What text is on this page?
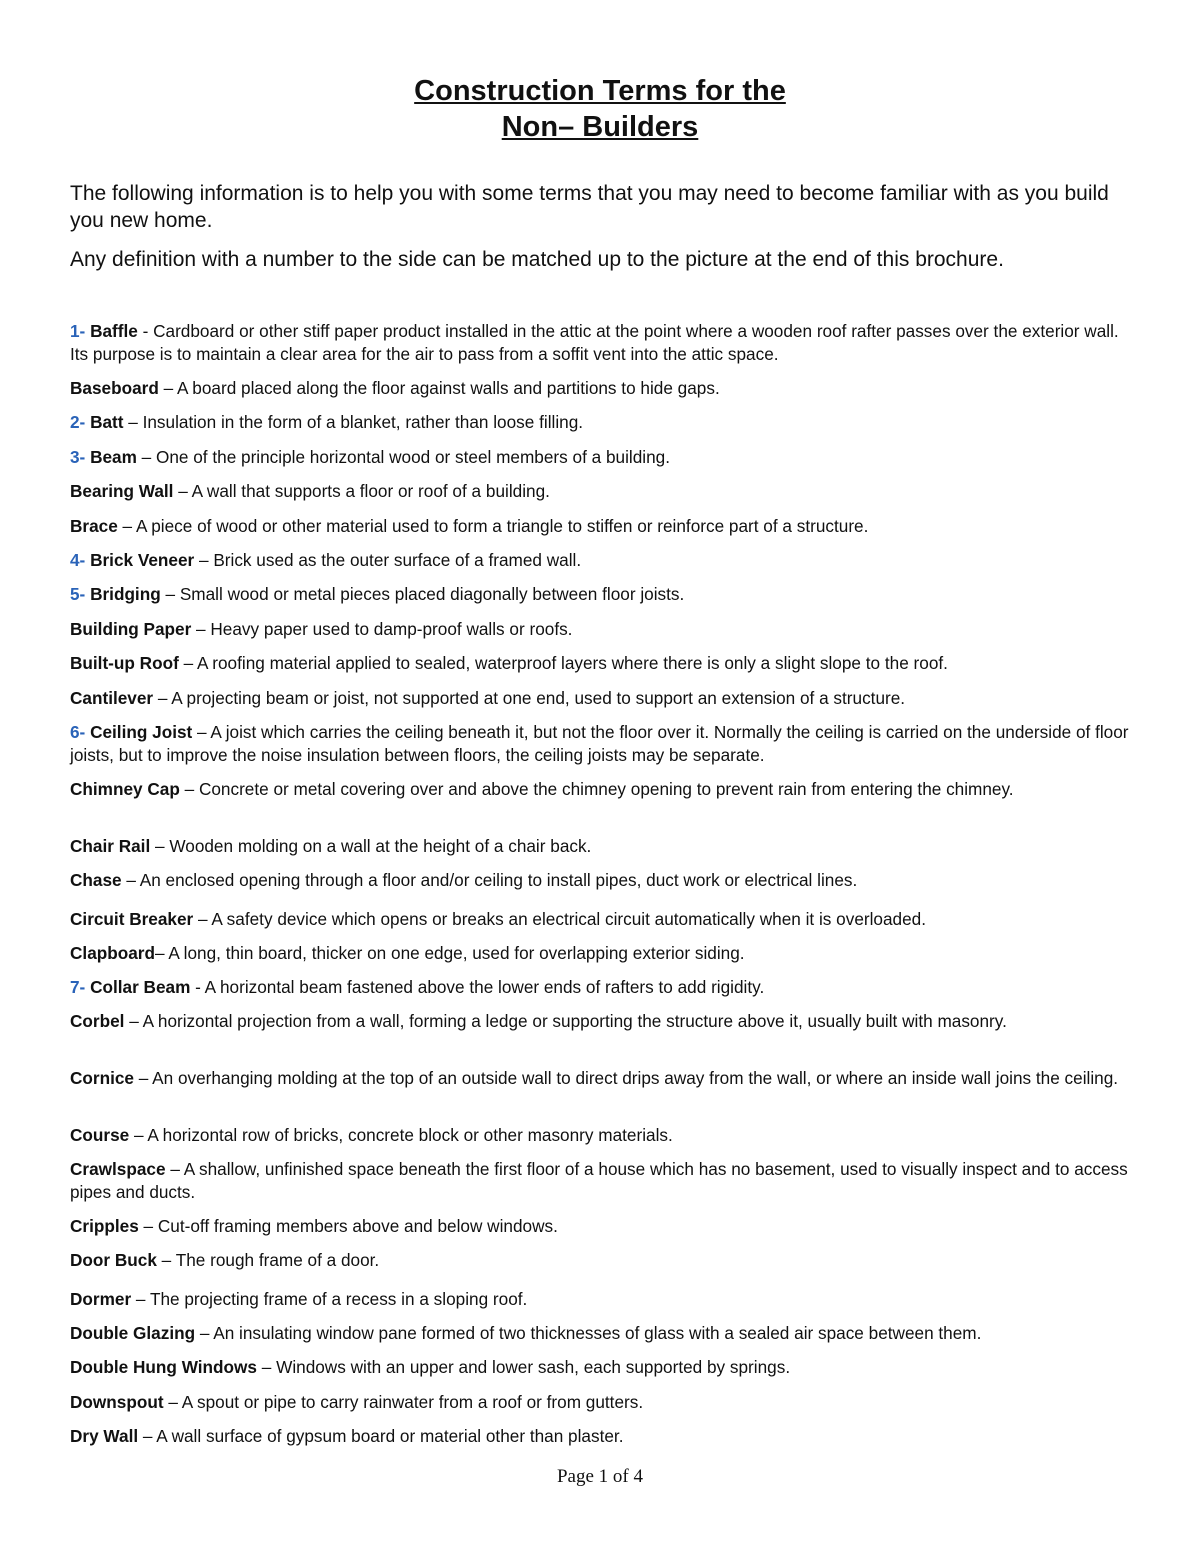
Construction Terms for the
Non– Builders
The following information is to help you with some terms that you may need to become familiar with as you build you new home.
Any definition with a number to the side can be matched up to the picture at the end of this brochure.
1- Baffle - Cardboard or other stiff paper product installed in the attic at the point where a wooden roof rafter passes over the exterior wall. Its purpose is to maintain a clear area for the air to pass from a soffit vent into the attic space.
Baseboard – A board placed along the floor against walls and partitions to hide gaps.
2- Batt – Insulation in the form of a blanket, rather than loose filling.
3- Beam – One of the principle horizontal wood or steel members of a building.
Bearing Wall – A wall that supports a floor or roof of a building.
Brace – A piece of wood or other material used to form a triangle to stiffen or reinforce part of a structure.
4- Brick Veneer – Brick used as the outer surface of a framed wall.
5- Bridging – Small wood or metal pieces placed diagonally between floor joists.
Building Paper – Heavy paper used to damp-proof walls or roofs.
Built-up Roof – A roofing material applied to sealed, waterproof layers where there is only a slight slope to the roof.
Cantilever – A projecting beam or joist, not supported at one end, used to support an extension of a structure.
6- Ceiling Joist – A joist which carries the ceiling beneath it, but not the floor over it. Normally the ceiling is carried on the underside of floor joists, but to improve the noise insulation between floors, the ceiling joists may be separate.
Chimney Cap – Concrete or metal covering over and above the chimney opening to prevent rain from entering the chimney.
Chair Rail – Wooden molding on a wall at the height of a chair back.
Chase – An enclosed opening through a floor and/or ceiling to install pipes, duct work or electrical lines.
Circuit Breaker – A safety device which opens or breaks an electrical circuit automatically when it is overloaded.
Clapboard– A long, thin board, thicker on one edge, used for overlapping exterior siding.
7- Collar Beam - A horizontal beam fastened above the lower ends of rafters to add rigidity.
Corbel – A horizontal projection from a wall, forming a ledge or supporting the structure above it, usually built with masonry.
Cornice – An overhanging molding at the top of an outside wall to direct drips away from the wall, or where an inside wall joins the ceiling.
Course – A horizontal row of bricks, concrete block or other masonry materials.
Crawlspace – A shallow, unfinished space beneath the first floor of a house which has no basement, used to visually inspect and to access pipes and ducts.
Cripples – Cut-off framing members above and below windows.
Door Buck – The rough frame of a door.
Dormer – The projecting frame of a recess in a sloping roof.
Double Glazing – An insulating window pane formed of two thicknesses of glass with a sealed air space between them.
Double Hung Windows – Windows with an upper and lower sash, each supported by springs.
Downspout – A spout or pipe to carry rainwater from a roof or from gutters.
Dry Wall – A wall surface of gypsum board or material other than plaster.
Page 1 of 4
